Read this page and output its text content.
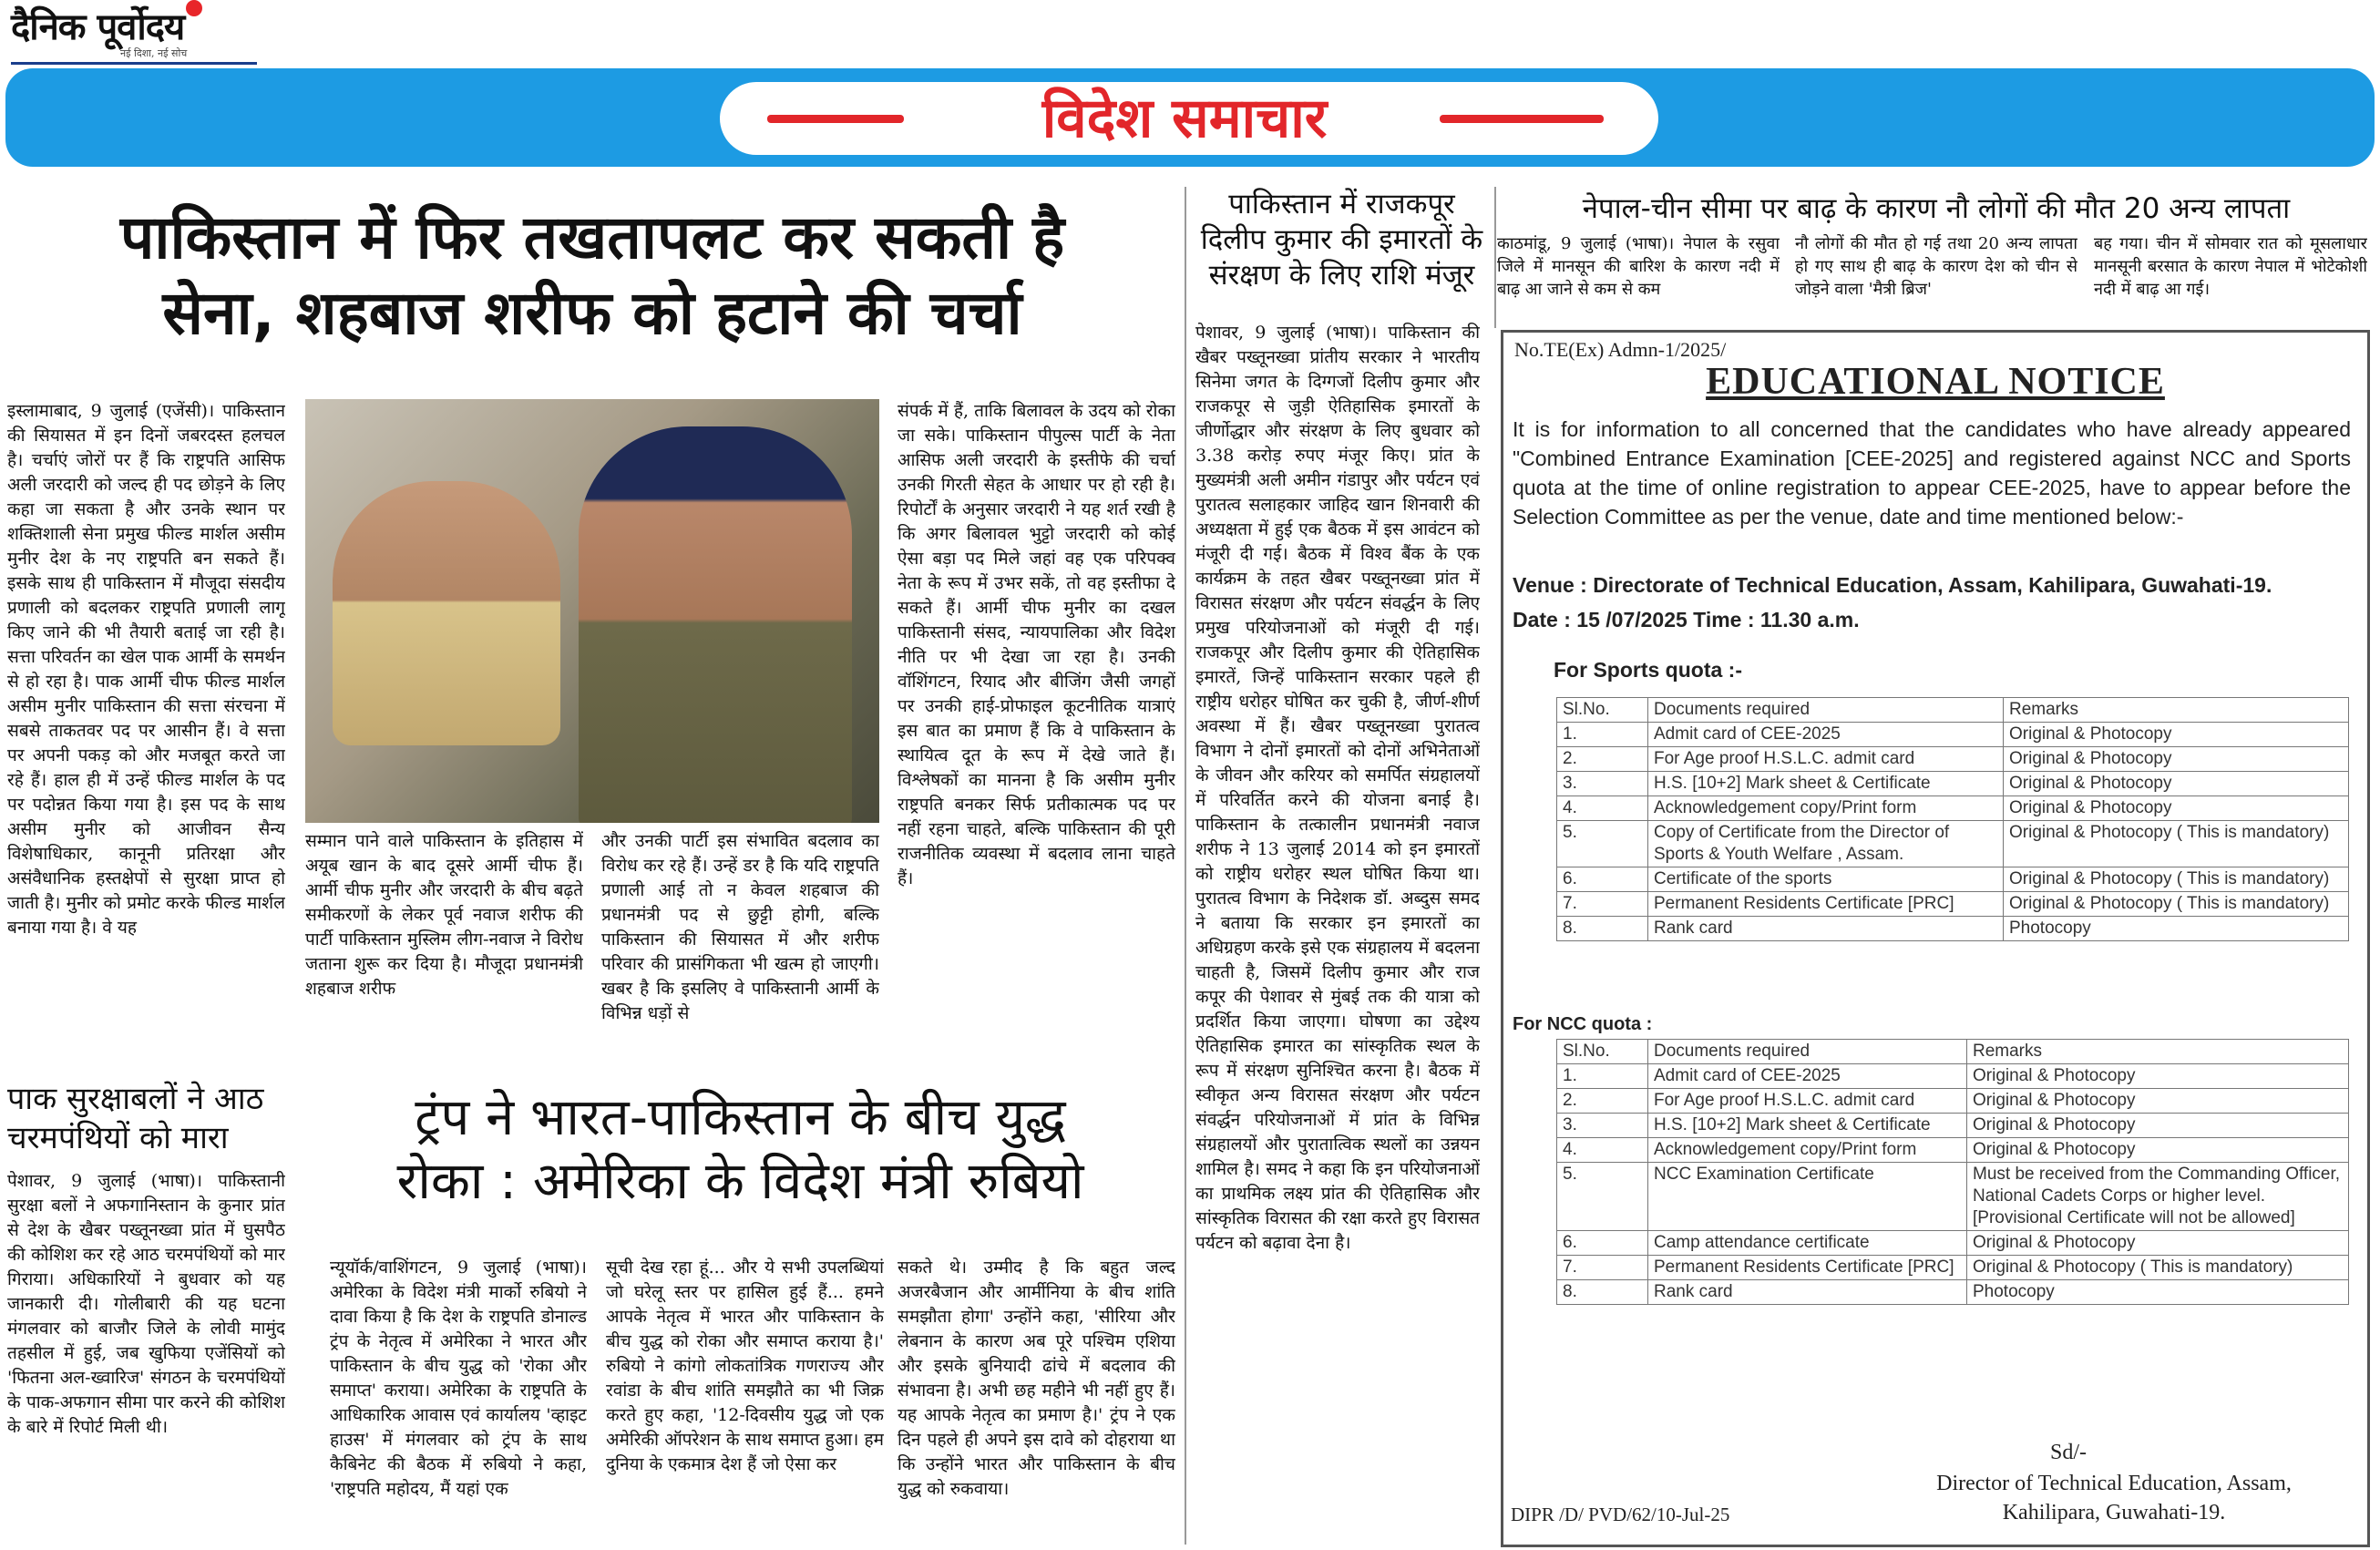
दैनिक पूर्वोदय
नई दिशा, नई सोच
विदेश समाचार
पाकिस्तान में फिर तखतापलट कर सकती है
सेना, शहबाज शरीफ को हटाने की चर्चा
इस्लामाबाद, 9 जुलाई (एजेंसी)। पाकिस्तान की सियासत में इन दिनों जबरदस्त हलचल है। चर्चाएं जोरों पर हैं कि राष्ट्रपति आसिफ अली जरदारी को जल्द ही पद छोड़ने के लिए कहा जा सकता है और उनके स्थान पर शक्तिशाली सेना प्रमुख फील्ड मार्शल असीम मुनीर देश के नए राष्ट्रपति बन सकते हैं। इसके साथ ही पाकिस्तान में मौजूदा संसदीय प्रणाली को बदलकर राष्ट्रपति प्रणाली लागू किए जाने की भी तैयारी बताई जा रही है। सत्ता परिवर्तन का खेल पाक आर्मी के समर्थन से हो रहा है। पाक आर्मी चीफ फील्ड मार्शल असीम मुनीर पाकिस्तान की सत्ता संरचना में सबसे ताकतवर पद पर आसीन हैं। वे सत्ता पर अपनी पकड़ को और मजबूत करते जा रहे हैं। हाल ही में उन्हें फील्ड मार्शल के पद पर पदोन्नत किया गया है। इस पद के साथ असीम मुनीर को आजीवन सैन्य विशेषाधिकार, कानूनी प्रतिरक्षा और असंवैधानिक हस्तक्षेपों से सुरक्षा प्राप्त हो जाती है। मुनीर को प्रमोट करके फील्ड मार्शल बनाया गया है। वे यह
सम्मान पाने वाले पाकिस्तान के इतिहास में अयूब खान के बाद दूसरे आर्मी चीफ हैं। आर्मी चीफ मुनीर और जरदारी के बीच बढ़ते समीकरणों के लेकर पूर्व नवाज शरीफ की पार्टी पाकिस्तान मुस्लिम लीग-नवाज ने विरोध जताना शुरू कर दिया है। मौजूदा प्रधानमंत्री शहबाज शरीफ
और उनकी पार्टी इस संभावित बदलाव का विरोध कर रहे हैं। उन्हें डर है कि यदि राष्ट्रपति प्रणाली आई तो न केवल शहबाज की प्रधानमंत्री पद से छुट्टी होगी, बल्कि पाकिस्तान की सियासत में और शरीफ परिवार की प्रासंगिकता भी खत्म हो जाएगी। खबर है कि इसलिए वे पाकिस्तानी आर्मी के विभिन्न धड़ों से
संपर्क में हैं, ताकि बिलावल के उदय को रोका जा सके। पाकिस्तान पीपुल्स पार्टी के नेता आसिफ अली जरदारी के इस्तीफे की चर्चा उनकी गिरती सेहत के आधार पर हो रही है। रिपोर्टों के अनुसार जरदारी ने यह शर्त रखी है कि अगर बिलावल भुट्टो जरदारी को कोई ऐसा बड़ा पद मिले जहां वह एक परिपक्व नेता के रूप में उभर सकें, तो वह इस्तीफा दे सकते हैं। आर्मी चीफ मुनीर का दखल पाकिस्तानी संसद, न्यायपालिका और विदेश नीति पर भी देखा जा रहा है। उनकी वॉशिंगटन, रियाद और बीजिंग जैसी जगहों पर उनकी हाई-प्रोफाइल कूटनीतिक यात्राएं इस बात का प्रमाण हैं कि वे पाकिस्तान के स्थायित्व दूत के रूप में देखे जाते हैं। विश्लेषकों का मानना है कि असीम मुनीर राष्ट्रपति बनकर सिर्फ प्रतीकात्मक पद पर नहीं रहना चाहते, बल्कि पाकिस्तान की पूरी राजनीतिक व्यवस्था में बदलाव लाना चाहते हैं।
पाक सुरक्षाबलों ने आठ चरमपंथियों को मारा
पेशावर, 9 जुलाई (भाषा)। पाकिस्तानी सुरक्षा बलों ने अफगानिस्तान के कुनार प्रांत से देश के खैबर पख्तूनख्वा प्रांत में घुसपैठ की कोशिश कर रहे आठ चरमपंथियों को मार गिराया। अधिकारियों ने बुधवार को यह जानकारी दी। गोलीबारी की यह घटना मंगलवार को बाजौर जिले के लोवी मामुंद तहसील में हुई, जब खुफिया एजेंसियों को 'फितना अल-ख्वारिज' संगठन के चरमपंथियों के पाक-अफगान सीमा पार करने की कोशिश के बारे में रिपोर्ट मिली थी।
ट्रंप ने भारत-पाकिस्तान के बीच युद्ध
रोका : अमेरिका के विदेश मंत्री रुबियो
न्यूयॉर्क/वाशिंगटन, 9 जुलाई (भाषा)। अमेरिका के विदेश मंत्री मार्को रुबियो ने दावा किया है कि देश के राष्ट्रपति डोनाल्ड ट्रंप के नेतृत्व में अमेरिका ने भारत और पाकिस्तान के बीच युद्ध को 'रोका और समाप्त' कराया। अमेरिका के राष्ट्रपति के आधिकारिक आवास एवं कार्यालय 'व्हाइट हाउस' में मंगलवार को ट्रंप के साथ कैबिनेट की बैठक में रुबियो ने कहा, 'राष्ट्रपति महोदय, मैं यहां एक
सूची देख रहा हूं... और ये सभी उपलब्धियां जो घरेलू स्तर पर हासिल हुई हैं... हमने आपके नेतृत्व में भारत और पाकिस्तान के बीच युद्ध को रोका और समाप्त कराया है।' रुबियो ने कांगो लोकतांत्रिक गणराज्य और रवांडा के बीच शांति समझौते का भी जिक्र करते हुए कहा, '12-दिवसीय युद्ध जो एक अमेरिकी ऑपरेशन के साथ समाप्त हुआ। हम दुनिया के एकमात्र देश हैं जो ऐसा कर
सकते थे। उम्मीद है कि बहुत जल्द अजरबैजान और आर्मीनिया के बीच शांति समझौता होगा' उन्होंने कहा, 'सीरिया और लेबनान के कारण अब पूरे पश्चिम एशिया और इसके बुनियादी ढांचे में बदलाव की संभावना है। अभी छह महीने भी नहीं हुए हैं। यह आपके नेतृत्व का प्रमाण है।' ट्रंप ने एक दिन पहले ही अपने इस दावे को दोहराया था कि उन्होंने भारत और पाकिस्तान के बीच युद्ध को रुकवाया।
पाकिस्तान में राजकपूर दिलीप कुमार की इमारतों के संरक्षण के लिए राशि मंजूर
पेशावर, 9 जुलाई (भाषा)। पाकिस्तान की खैबर पख्तूनख्वा प्रांतीय सरकार ने भारतीय सिनेमा जगत के दिग्गजों दिलीप कुमार और राजकपूर से जुड़ी ऐतिहासिक इमारतों के जीर्णोद्धार और संरक्षण के लिए बुधवार को 3.38 करोड़ रुपए मंजूर किए। प्रांत के मुख्यमंत्री अली अमीन गंडापुर और पर्यटन एवं पुरातत्व सलाहकार जाहिद खान शिनवारी की अध्यक्षता में हुई एक बैठक में इस आवंटन को मंजूरी दी गई। बैठक में विश्व बैंक के एक कार्यक्रम के तहत खैबर पख्तूनख्वा प्रांत में विरासत संरक्षण और पर्यटन संवर्द्धन के लिए प्रमुख परियोजनाओं को मंजूरी दी गई। राजकपूर और दिलीप कुमार की ऐतिहासिक इमारतें, जिन्हें पाकिस्तान सरकार पहले ही राष्ट्रीय धरोहर घोषित कर चुकी है, जीर्ण-शीर्ण अवस्था में हैं। खैबर पख्तूनख्वा पुरातत्व विभाग ने दोनों इमारतों को दोनों अभिनेताओं के जीवन और करियर को समर्पित संग्रहालयों में परिवर्तित करने की योजना बनाई है। पाकिस्तान के तत्कालीन प्रधानमंत्री नवाज शरीफ ने 13 जुलाई 2014 को इन इमारतों को राष्ट्रीय धरोहर स्थल घोषित किया था। पुरातत्व विभाग के निदेशक डॉ. अब्दुस समद ने बताया कि सरकार इन इमारतों का अधिग्रहण करके इसे एक संग्रहालय में बदलना चाहती है, जिसमें दिलीप कुमार और राज कपूर की पेशावर से मुंबई तक की यात्रा को प्रदर्शित किया जाएगा। घोषणा का उद्देश्य ऐतिहासिक इमारत का सांस्कृतिक स्थल के रूप में संरक्षण सुनिश्चित करना है। बैठक में स्वीकृत अन्य विरासत संरक्षण और पर्यटन संवर्द्धन परियोजनाओं में प्रांत के विभिन्न संग्रहालयों और पुरातात्विक स्थलों का उन्नयन शामिल है। समद ने कहा कि इन परियोजनाओं का प्राथमिक लक्ष्य प्रांत की ऐतिहासिक और सांस्कृतिक विरासत की रक्षा करते हुए विरासत पर्यटन को बढ़ावा देना है।
नेपाल-चीन सीमा पर बाढ़ के कारण नौ लोगों की मौत 20 अन्य लापता
काठमांडू, 9 जुलाई (भाषा)। नेपाल के रसुवा जिले में मानसून की बारिश के कारण नदी में बाढ़ आ जाने से कम से कम
नौ लोगों की मौत हो गई तथा 20 अन्य लापता हो गए साथ ही बाढ़ के कारण देश को चीन से जोड़ने वाला 'मैत्री ब्रिज'
बह गया। चीन में सोमवार रात को मूसलाधार मानसूनी बरसात के कारण नेपाल में भोटेकोशी नदी में बाढ़ आ गई।
No.TE(Ex) Admn-1/2025/
EDUCATIONAL NOTICE
It is for information to all concerned that the candidates who have already appeared "Combined Entrance Examination [CEE-2025] and registered against NCC and Sports quota at the time of online registration to appear CEE-2025, have to appear before the Selection Committee as per the venue, date and time mentioned below:-
Venue : Directorate of Technical Education, Assam, Kahilipara, Guwahati-19.
Date : 15 /07/2025 Time : 11.30 a.m.
For Sports quota :-
Sl.No.	Documents required	Remarks
1.	Admit card of CEE-2025	Original & Photocopy
2.	For Age proof H.S.L.C. admit card	Original & Photocopy
3.	H.S. [10+2] Mark sheet & Certificate	Original & Photocopy
4.	Acknowledgement copy/Print form	Original & Photocopy
5.	Copy of Certificate from the Director of Sports & Youth Welfare , Assam.	Original & Photocopy ( This is mandatory)
6.	Certificate of the sports	Original & Photocopy ( This is mandatory)
7.	Permanent Residents Certificate [PRC]	Original & Photocopy ( This is mandatory)
8.	Rank card	Photocopy
For NCC quota :
Sl.No.	Documents required	Remarks
1.	Admit card of CEE-2025	Original & Photocopy
2.	For Age proof H.S.L.C. admit card	Original & Photocopy
3.	H.S. [10+2] Mark sheet & Certificate	Original & Photocopy
4.	Acknowledgement copy/Print form	Original & Photocopy
5.	NCC Examination Certificate	Must be received from the Commanding Officer, National Cadets Corps or higher level. [Provisional Certificate will not be allowed]
6.	Camp attendance certificate	Original & Photocopy
7.	Permanent Residents Certificate [PRC]	Original & Photocopy ( This is mandatory)
8.	Rank card	Photocopy
Sd/-
Director of Technical Education, Assam,
Kahilipara, Guwahati-19.
DIPR /D/ PVD/62/10-Jul-25
